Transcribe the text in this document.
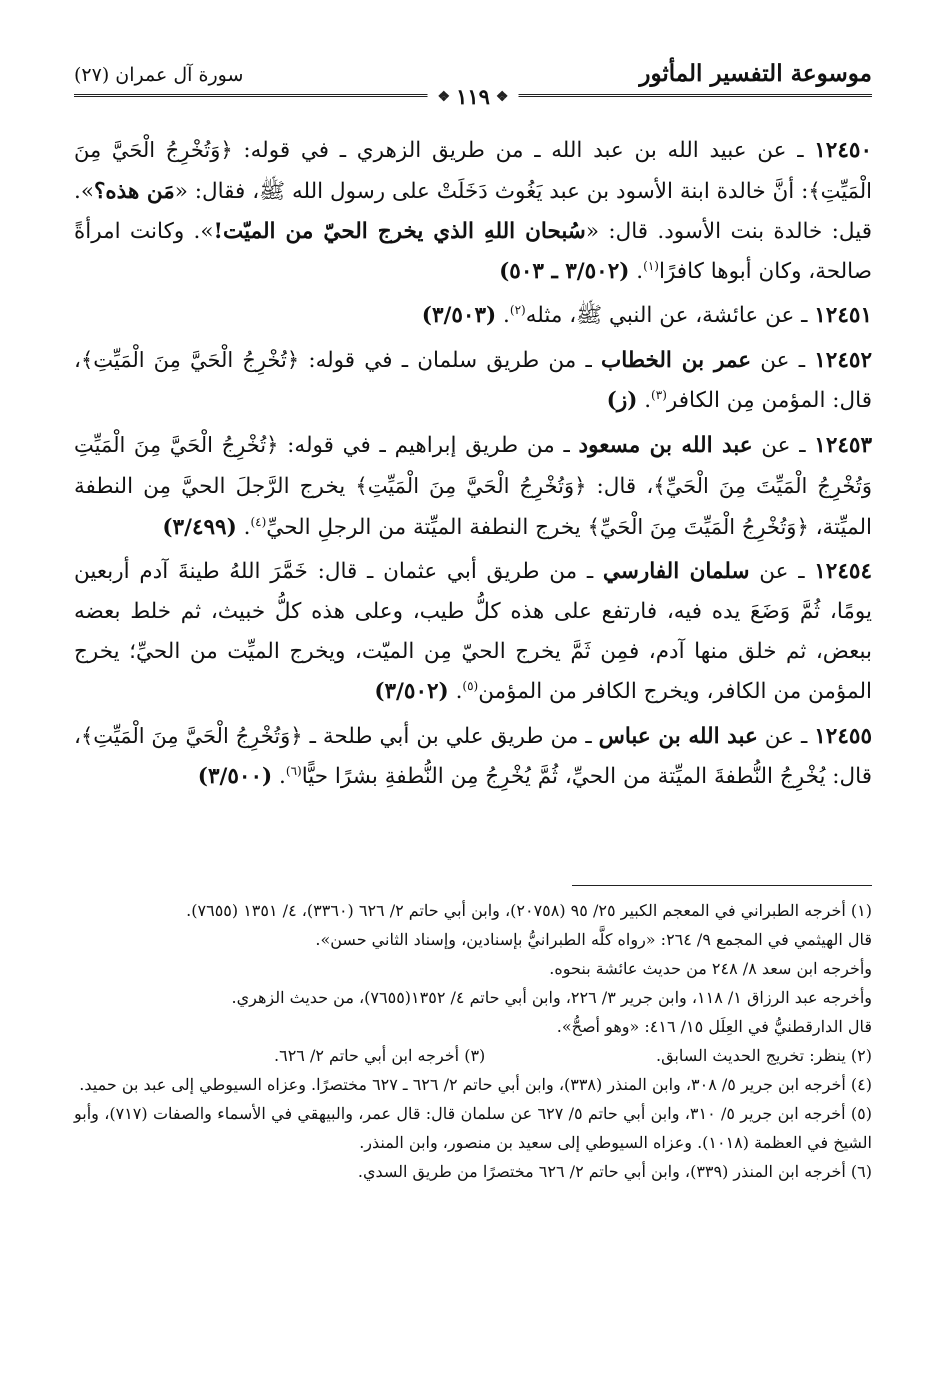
موسوعة التفسير المأثور
❖
١١٩
❖
سورة آل عمران (٢٧)

١٢٤٥٠ ـ عن عبيد الله بن عبد الله ـ من طريق الزهري ـ في قوله: ﴿وَتُخْرِجُ الْحَيَّ مِنَ الْمَيِّتِ﴾: أنَّ خالدة ابنة الأسود بن عبد يَغُوث دَخَلَتْ على رسول الله ﷺ، فقال: «مَن هذه؟». قيل: خالدة بنت الأسود. قال: «سُبحان اللهِ الذي يخرج الحيّ من الميّت!». وكانت امرأةً صالحة، وكان أبوها كافرًا$^{(١)}$. (٣/٥٠٢ ـ ٥٠٣)

١٢٤٥١ ـ عن عائشة، عن النبي ﷺ، مثله$^{(٢)}$. (٣/٥٠٣)

١٢٤٥٢ ـ عن عمر بن الخطاب ـ من طريق سلمان ـ في قوله: ﴿تُخْرِجُ الْحَيَّ مِنَ الْمَيِّتِ﴾، قال: المؤمن مِن الكافر$^{(٣)}$. (ز)

١٢٤٥٣ ـ عن عبد الله بن مسعود ـ من طريق إبراهيم ـ في قوله: ﴿تُخْرِجُ الْحَيَّ مِنَ الْمَيِّتِ وَتُخْرِجُ الْمَيِّتَ مِنَ الْحَيِّ﴾، قال: ﴿وَتُخْرِجُ الْحَيَّ مِنَ الْمَيِّتِ﴾ يخرج الرَّجلَ الحيَّ مِن النطفة الميِّتة، ﴿وَتُخْرِجُ الْمَيِّتَ مِنَ الْحَيِّ﴾ يخرج النطفة الميِّتة من الرجلِ الحيِّ$^{(٤)}$. (٣/٤٩٩)

١٢٤٥٤ ـ عن سلمان الفارسي ـ من طريق أبي عثمان ـ قال: خَمَّرَ اللهُ طينةَ آدم أربعين يومًا، ثُمَّ وَضَعَ يده فيه، فارتفع على هذه كلُّ طيب، وعلى هذه كلُّ خبيث، ثم خلط بعضه ببعض، ثم خلق منها آدم، فمِن ثَمَّ يخرج الحيّ مِن الميّت، ويخرج الميِّت من الحيِّ؛ يخرج المؤمن من الكافر، ويخرج الكافر من المؤمن$^{(٥)}$. (٣/٥٠٢)

١٢٤٥٥ ـ عن عبد الله بن عباس ـ من طريق علي بن أبي طلحة ـ ﴿وَتُخْرِجُ الْحَيَّ مِنَ الْمَيِّتِ﴾، قال: يُخْرِجُ النُّطفةَ الميِّتة من الحيِّ، ثُمَّ يُخْرِجُ مِن النُّطفةِ بشرًا حيًّا$^{(٦)}$. (٣/٥٠٠)

(١) أخرجه الطبراني في المعجم الكبير ٢٥/ ٩٥ (٢٠٧٥٨)، وابن أبي حاتم ٢/ ٦٢٦ (٣٣٦٠)، ٤/ ١٣٥١ (٧٦٥٥).

قال الهيثمي في المجمع ٩/ ٢٦٤: «رواه كلَّه الطبرانيُّ بإسنادين، وإسناد الثاني حسن».

وأخرجه ابن سعد ٨/ ٢٤٨ من حديث عائشة بنحوه.

وأخرجه عبد الرزاق ١/ ١١٨، وابن جرير ٣/ ٢٢٦، وابن أبي حاتم ٤/ ١٣٥٢(٧٦٥٥)، من حديث الزهري.

قال الدارقطنيُّ في العِلَل ١٥/ ٤١٦: «وهو أصحُّ».

(٢) ينظر: تخريج الحديث السابق.
(٣) أخرجه ابن أبي حاتم ٢/ ٦٢٦.

(٤) أخرجه ابن جرير ٥/ ٣٠٨، وابن المنذر (٣٣٨)، وابن أبي حاتم ٢/ ٦٢٦ ـ ٦٢٧ مختصرًا. وعزاه السيوطي إلى عبد بن حميد.

(٥) أخرجه ابن جرير ٥/ ٣١٠، وابن أبي حاتم ٥/ ٦٢٧ عن سلمان قال: قال عمر، والبيهقي في الأسماء والصفات (٧١٧)، وأبو الشيخ في العظمة (١٠١٨). وعزاه السيوطي إلى سعيد بن منصور، وابن المنذر.

(٦) أخرجه ابن المنذر (٣٣٩)، وابن أبي حاتم ٢/ ٦٢٦ مختصرًا من طريق السدي.
